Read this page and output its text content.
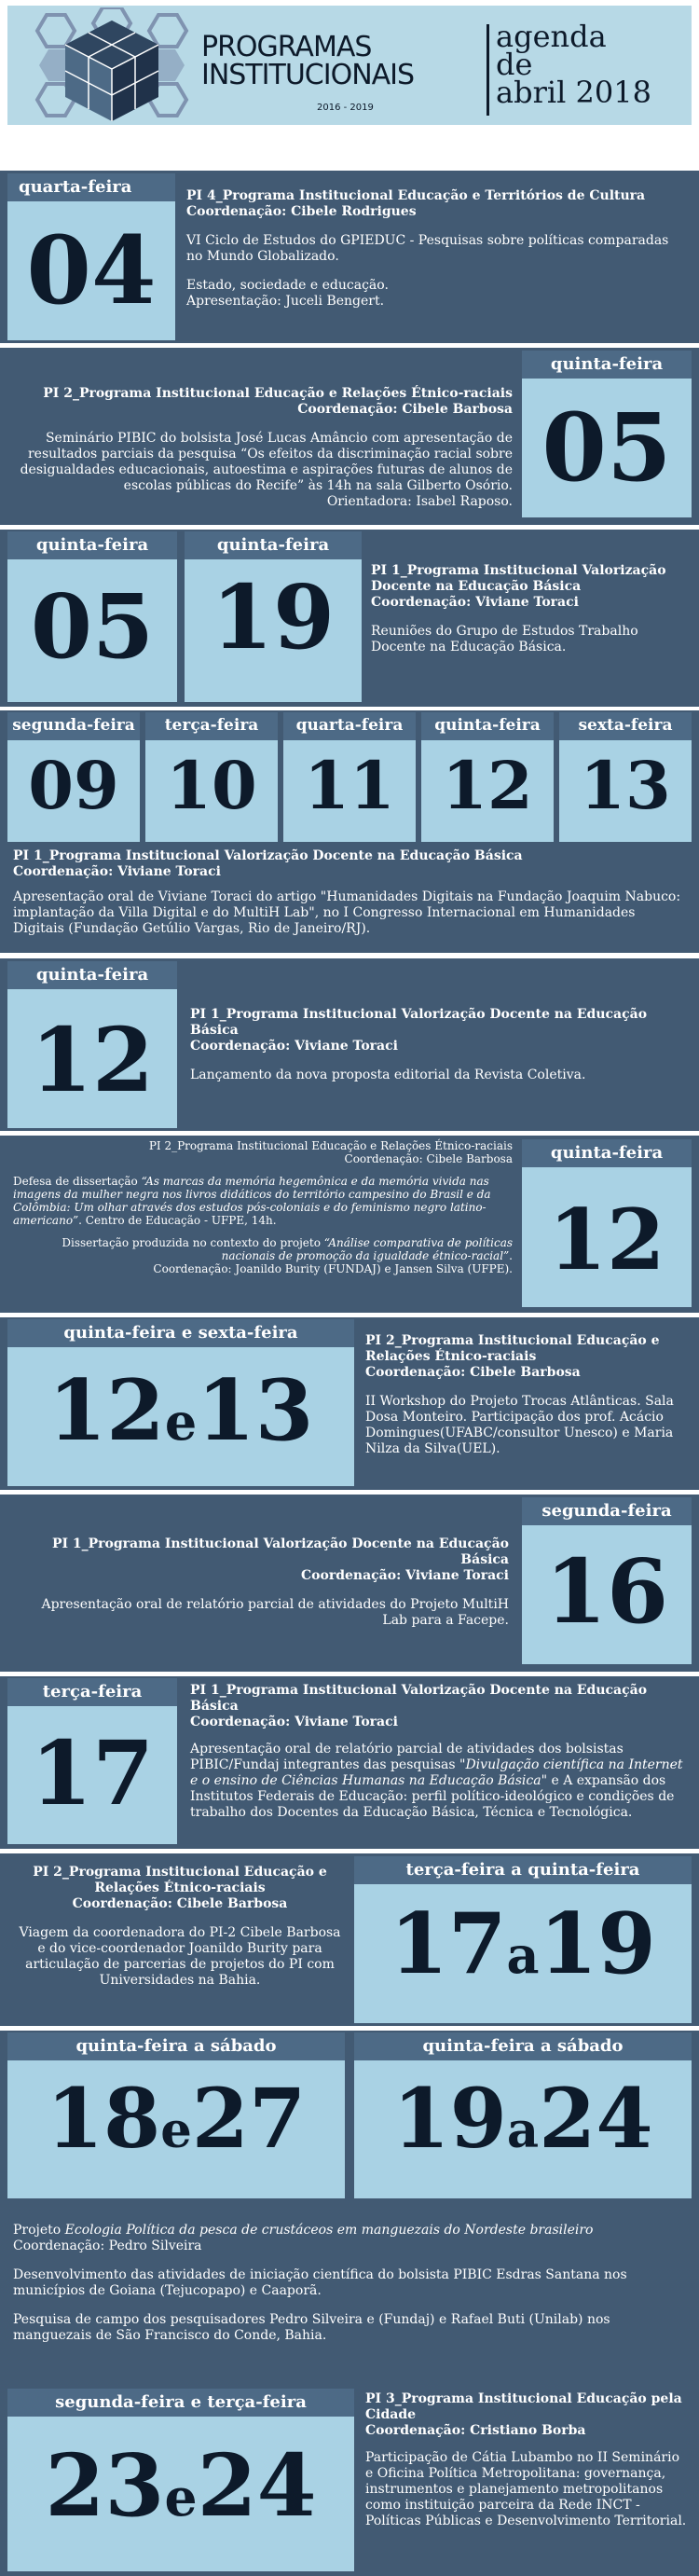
PROGRAMAS
INSTITUCIONAIS
2016 - 2019
agenda
de
abril 2018
quarta-feira
04

PI 4_Programa Institucional Educação e Territórios de Cultura
Coordenação: Cibele Rodrigues

VI Ciclo de Estudos do GPIEDUC - Pesquisas sobre políticas comparadas no Mundo Globalizado.

Estado, sociedade e educação.
Apresentação: Juceli Bengert.

quinta-feira
05

PI 2_Programa Institucional Educação e Relações Étnico-raciais
Coordenação: Cibele Barbosa

Seminário PIBIC do bolsista José Lucas Amâncio com apresentação de resultados parciais da pesquisa “Os efeitos da discriminação racial sobre desigualdades educacionais, autoestima e aspirações futuras de alunos de escolas públicas do Recife” às 14h na sala Gilberto Osório.
Orientadora: Isabel Raposo.

quinta-feira	quinta-feira
05 19	PI 1_Programa Institucional Valorização Docente na Educação Básica
Coordenação: Viviane Toraci

Reuniões do Grupo de Estudos Trabalho Docente na Educação Básica.

segunda-feira	terça-feira	quarta-feira	quinta-feira	sexta-feira
09 10 11 12 13

PI 1_Programa Institucional Valorização Docente na Educação Básica
Coordenação: Viviane Toraci

Apresentação oral de Viviane Toraci do artigo "Humanidades Digitais na Fundação Joaquim Nabuco: implantação da Villa Digital e do MultiH Lab", no I Congresso Internacional em Humanidades Digitais (Fundação Getúlio Vargas, Rio de Janeiro/RJ).

quinta-feira
12	PI 1_Programa Institucional Valorização Docente na Educação Básica
Coordenação: Viviane Toraci

Lançamento da nova proposta editorial da Revista Coletiva.

quinta-feira
12

PI 2_Programa Institucional Educação e Relações Étnico-raciais
Coordenação: Cibele Barbosa

Defesa de dissertação “As marcas da memória hegemônica e da memória vivida nas imagens da mulher negra nos livros didáticos do território campesino do Brasil e da Colômbia: Um olhar através dos estudos pós-coloniais e do feminismo negro latino-americano”. Centro de Educação - UFPE, 14h.

Dissertação produzida no contexto do projeto “Análise comparativa de políticas nacionais de promoção da igualdade étnico-racial”.
Coordenação: Joanildo Burity (FUNDAJ) e Jansen Silva (UFPE).

quinta-feira e sexta-feira
12e13

PI 2_Programa Institucional Educação e Relações Étnico-raciais
Coordenação: Cibele Barbosa

II Workshop do Projeto Trocas Atlânticas. Sala Dosa Monteiro. Participação dos prof. Acácio Domingues(UFABC/consultor Unesco) e Maria Nilza da Silva(UEL).

segunda-feira
16

PI 1_Programa Institucional Valorização Docente na Educação Básica
Coordenação: Viviane Toraci

Apresentação oral de relatório parcial de atividades do Projeto MultiH Lab para a Facepe.

terça-feira
17

PI 1_Programa Institucional Valorização Docente na Educação Básica
Coordenação: Viviane Toraci

Apresentação oral de relatório parcial de atividades dos bolsistas PIBIC/Fundaj integrantes das pesquisas "Divulgação científica na Internet e o ensino de Ciências Humanas na Educação Básica" e A expansão dos Institutos Federais de Educação: perfil político-ideológico e condições de trabalho dos Docentes da Educação Básica, Técnica e Tecnológica.

terça-feira a quinta-feira
17a19

PI 2_Programa Institucional Educação e Relações Étnico-raciais
Coordenação: Cibele Barbosa

Viagem da coordenadora do PI-2 Cibele Barbosa e do vice-coordenador Joanildo Burity para articulação de parcerias de projetos do PI com Universidades na Bahia.

quinta-feira a sábado	quinta-feira a sábado
18e27	19a24

Projeto Ecologia Política da pesca de crustáceos em manguezais do Nordeste brasileiro
Coordenação: Pedro Silveira

Desenvolvimento das atividades de iniciação científica do bolsista PIBIC Esdras Santana nos municípios de Goiana (Tejucopapo) e Caaporã.

Pesquisa de campo dos pesquisadores Pedro Silveira e (Fundaj) e Rafael Buti (Unilab) nos manguezais de São Francisco do Conde, Bahia.

segunda-feira e terça-feira
23e24

PI 3_Programa Institucional Educação pela Cidade
Coordenação: Cristiano Borba

Participação de Cátia Lubambo no II Seminário e Oficina Política Metropolitana: governança, instrumentos e planejamento metropolitanos como instituição parceira da Rede INCT - Políticas Públicas e Desenvolvimento Territorial.
